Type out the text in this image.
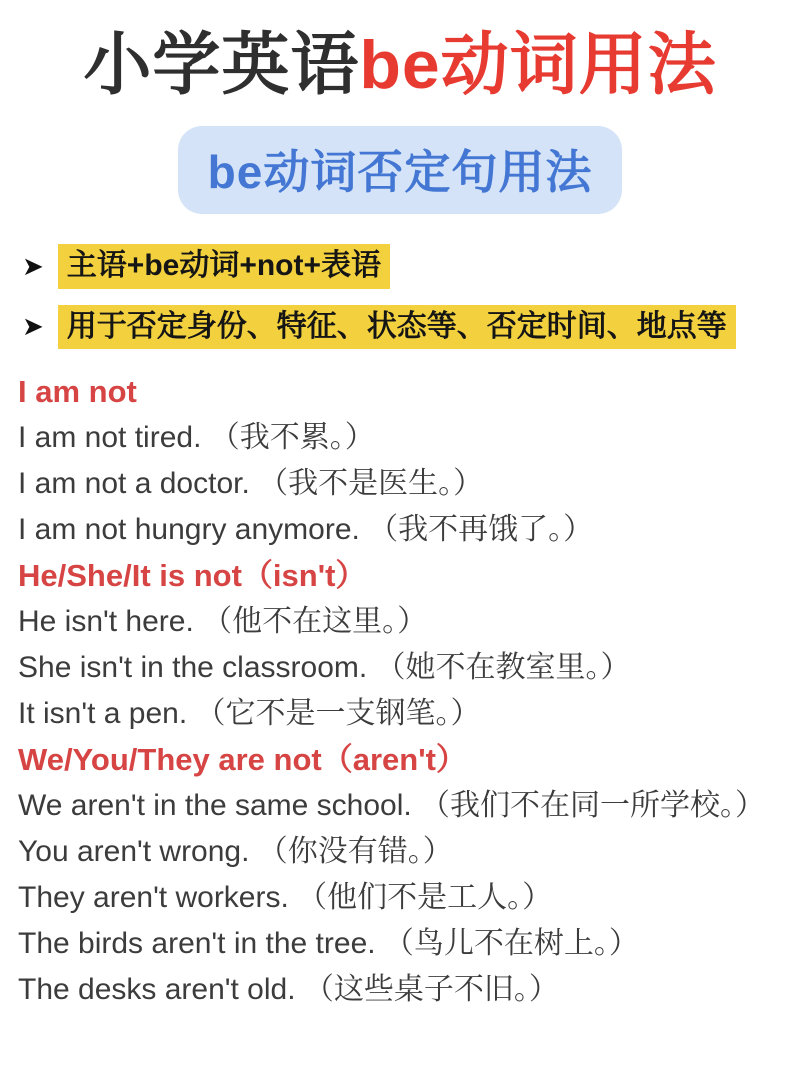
小学英语be动词用法
be动词否定句用法
➤ 主语+be动词+not+表语
➤ 用于否定身份、特征、状态等、否定时间、地点等

I am not

I am not tired. （我不累。）

I am not a doctor. （我不是医生。）

I am not hungry anymore. （我不再饿了。）

He/She/It is not（isn't）

He isn't here. （他不在这里。）

She isn't in the classroom. （她不在教室里。）

It isn't a pen. （它不是一支钢笔。）

We/You/They are not（aren't）

We aren't in the same school. （我们不在同一所学校。）

You aren't wrong. （你没有错。）

They aren't workers. （他们不是工人。）

The birds aren't in the tree. （鸟儿不在树上。）

The desks aren't old. （这些桌子不旧。）
